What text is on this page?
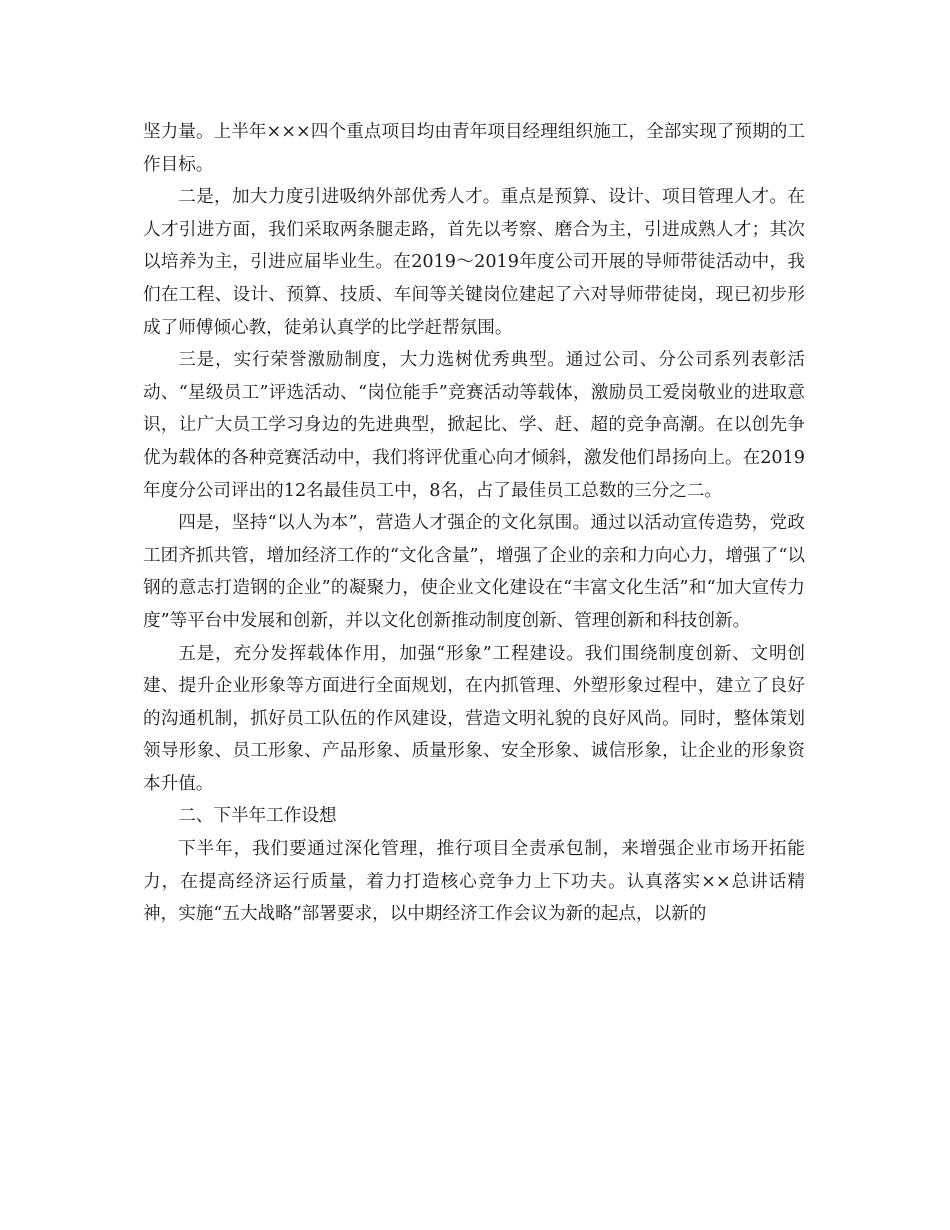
坚力量。上半年×××四个重点项目均由青年项目经理组织施工，全部实现了预期的工作目标。

二是，加大力度引进吸纳外部优秀人才。重点是预算、设计、项目管理人才。在人才引进方面，我们采取两条腿走路，首先以考察、磨合为主，引进成熟人才；其次以培养为主，引进应届毕业生。在2019～2019年度公司开展的导师带徒活动中，我们在工程、设计、预算、技质、车间等关键岗位建起了六对导师带徒岗，现已初步形成了师傅倾心教，徒弟认真学的比学赶帮氛围。

三是，实行荣誉激励制度，大力选树优秀典型。通过公司、分公司系列表彰活动、“星级员工”评选活动、“岗位能手”竞赛活动等载体，激励员工爱岗敬业的进取意识，让广大员工学习身边的先进典型，掀起比、学、赶、超的竞争高潮。在以创先争优为载体的各种竞赛活动中，我们将评优重心向才倾斜，激发他们昂扬向上。在2019年度分公司评出的12名最佳员工中，8名，占了最佳员工总数的三分之二。

四是，坚持“以人为本”，营造人才强企的文化氛围。通过以活动宣传造势，党政工团齐抓共管，增加经济工作的“文化含量”，增强了企业的亲和力向心力，增强了“以钢的意志打造钢的企业”的凝聚力，使企业文化建设在“丰富文化生活”和“加大宣传力度”等平台中发展和创新，并以文化创新推动制度创新、管理创新和科技创新。

五是，充分发挥载体作用，加强“形象”工程建设。我们围绕制度创新、文明创建、提升企业形象等方面进行全面规划，在内抓管理、外塑形象过程中，建立了良好的沟通机制，抓好员工队伍的作风建设，营造文明礼貌的良好风尚。同时，整体策划领导形象、员工形象、产品形象、质量形象、安全形象、诚信形象，让企业的形象资本升值。

二、下半年工作设想

下半年，我们要通过深化管理，推行项目全责承包制，来增强企业市场开拓能力，在提高经济运行质量，着力打造核心竞争力上下功夫。认真落实××总讲话精神，实施“五大战略”部署要求，以中期经济工作会议为新的起点，以新的
